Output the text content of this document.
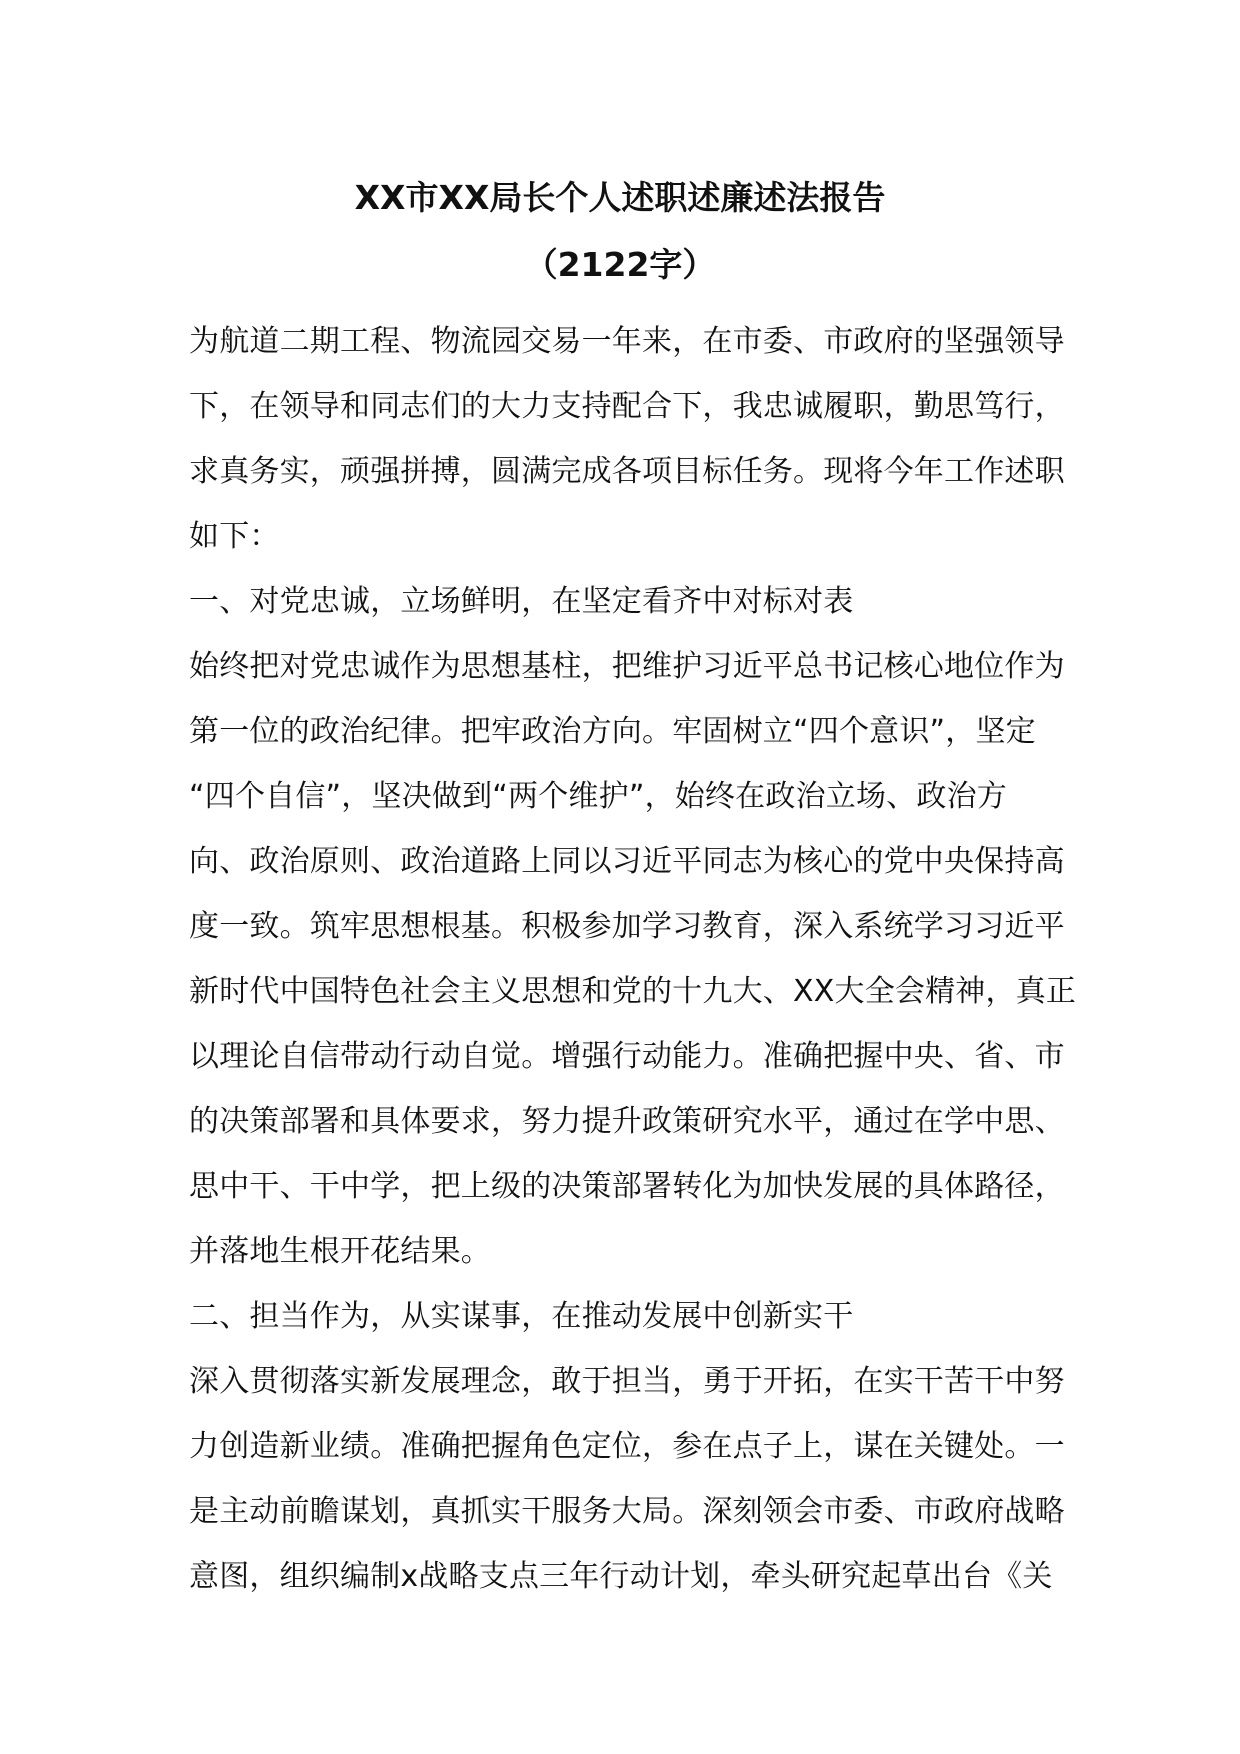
XX市XX局长个人述职述廉述法报告
（2122字）
为航道二期工程、物流园交易一年来，在市委、市政府的坚强领导
下，在领导和同志们的大力支持配合下，我忠诚履职，勤思笃行，
求真务实，顽强拼搏，圆满完成各项目标任务。现将今年工作述职
如下：
一、对党忠诚，立场鲜明，在坚定看齐中对标对表
始终把对党忠诚作为思想基柱，把维护习近平总书记核心地位作为
第一位的政治纪律。把牢政治方向。牢固树立“四个意识”，坚定
“四个自信”，坚决做到“两个维护”，始终在政治立场、政治方
向、政治原则、政治道路上同以习近平同志为核心的党中央保持高
度一致。筑牢思想根基。积极参加学习教育，深入系统学习习近平
新时代中国特色社会主义思想和党的十九大、XX大全会精神，真正
以理论自信带动行动自觉。增强行动能力。准确把握中央、省、市
的决策部署和具体要求，努力提升政策研究水平，通过在学中思、
思中干、干中学，把上级的决策部署转化为加快发展的具体路径，
并落地生根开花结果。
二、担当作为，从实谋事，在推动发展中创新实干
深入贯彻落实新发展理念，敢于担当，勇于开拓，在实干苦干中努
力创造新业绩。准确把握角色定位，参在点子上，谋在关键处。一
是主动前瞻谋划，真抓实干服务大局。深刻领会市委、市政府战略
意图，组织编制x战略支点三年行动计划，牵头研究起草出台《关
